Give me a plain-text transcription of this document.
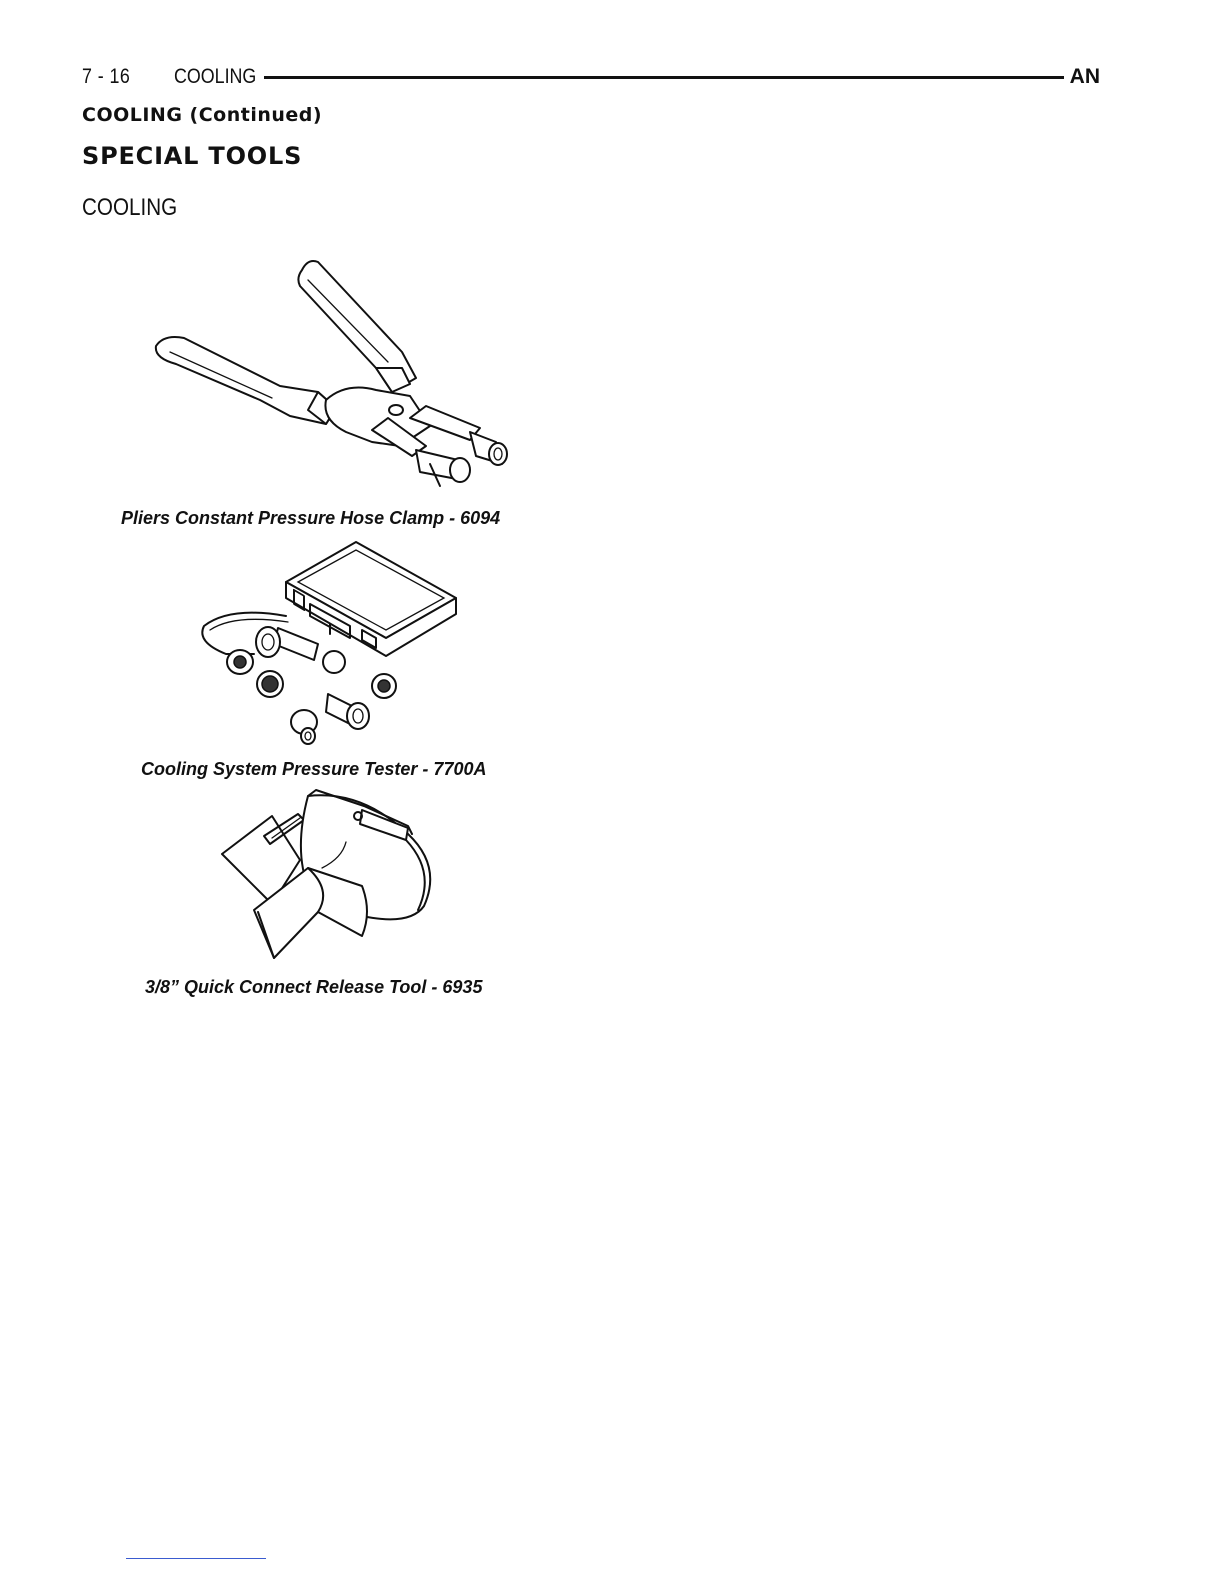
7 - 16	COOLING	AN
COOLING (Continued)
SPECIAL TOOLS
COOLING
Pliers Constant Pressure Hose Clamp - 6094
Cooling System Pressure Tester - 7700A
3/8” Quick Connect Release Tool - 6935
